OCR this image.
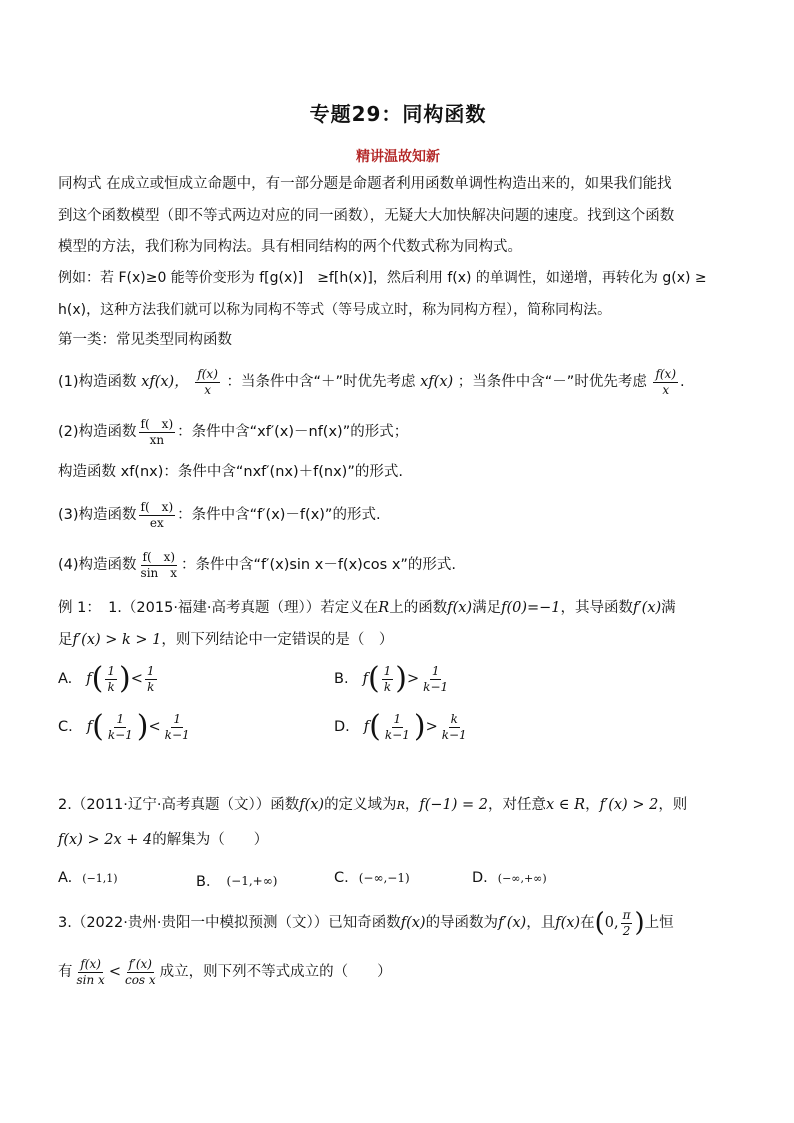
专题29：同构函数
精讲温故知新
同构式 在成立或恒成立命题中，有一部分题是命题者利用函数单调性构造出来的，如果我们能找
到这个函数模型（即不等式两边对应的同一函数），无疑大大加快解决问题的速度。找到这个函数
模型的方法，我们称为同构法。具有相同结构的两个代数式称为同构式。
例如：若 F(x)≥0 能等价变形为 f[g(x)]　≥f[h(x)]，然后利用 f(x) 的单调性，如递增，再转化为 g(x) ≥
h(x)，这种方法我们就可以称为同构不等式（等号成立时，称为同构方程），简称同构法。
第一类：常见类型同构函数
(1)构造函数 xf(x)， $\frac{f(x)}{x}$ ：当条件中含“＋”时优先考虑 xf(x) ；当条件中含“－”时优先考虑 $\frac{f(x)}{x}$ .
(2)构造函数 $\frac{f( x)}{xn}$ ：条件中含“xf′(x)－nf(x)”的形式；
构造函数 xf(nx)：条件中含“nxf′(nx)＋f(nx)”的形式.
(3)构造函数 $\frac{f( x)}{ex}$ ：条件中含“f′(x)－f(x)”的形式.
(4)构造函数 $\frac{f( x)}{\text{sin　x}}$ ：条件中含“f′(x)sin x－f(x)cos x”的形式.
例 1：　1.（2015·福建·高考真题（理））若定义在R上的函数f(x)满足f(0)=−1，其导函数f′(x)满
足f′(x) > k > 1，则下列结论中一定错误的是（　）
A. f ( $\frac{1}{k}$ ) < $\frac{1}{k}$	B. f ( $\frac{1}{k}$ ) > $\frac{1}{k-1}$
C. f ( $\frac{1}{k-1}$ ) < $\frac{1}{k-1}$	D. f ( $\frac{1}{k-1}$ ) > $\frac{k}{k-1}$
2.（2011·辽宁·高考真题（文））函数f(x)的定义域为R，f(−1) = 2，对任意x ∈ R，f′(x) > 2，则
f(x) > 2x + 4的解集为（　　）
A. (−1,1)	B． (−1,+∞)	C. (−∞,−1)	D. (−∞,+∞)
3.（2022·贵州·贵阳一中模拟预测（文））已知奇函数f(x)的导函数为f′(x)，且f(x)在(0, $\frac{\pi}{2}$ )上恒
有 $\frac{f(x)}{\text{sin x}} < \frac{f'(x)}{\text{cos x}}$ 成立，则下列不等式成立的（　　）
